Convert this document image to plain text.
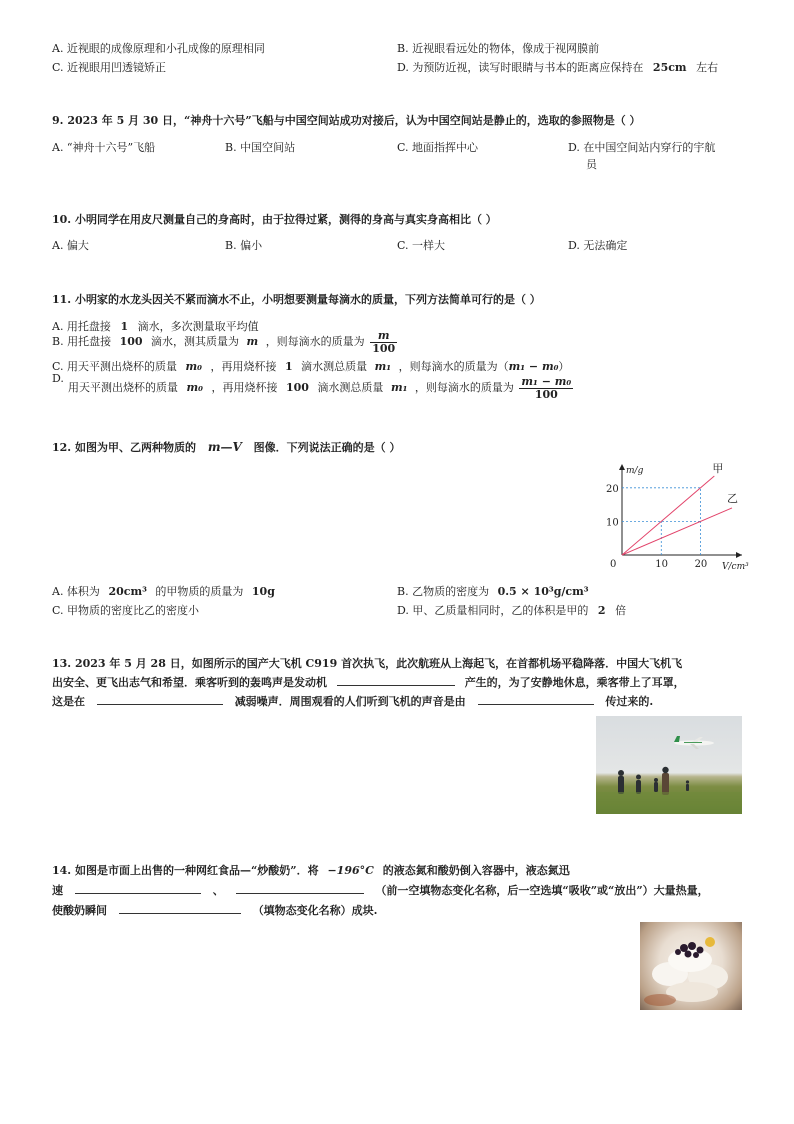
A. 近视眼的成像原理和小孔成像的原理相同	B. 近视眼看远处的物体，像成于视网膜前
C. 近视眼用凹透镜矫正	D. 为预防近视，读写时眼睛与书本的距离应保持在 25cm 左右
9. 2023 年 5 月 30 日，“神舟十六号”飞船与中国空间站成功对接后，认为中国空间站是静止的，选取的参照物是（ ）
A. “神舟十六号”飞船	B. 中国空间站	C. 地面指挥中心	D. 在中国空间站内穿行的宇航
员
10. 小明同学在用皮尺测量自己的身高时，由于拉得过紧，测得的身高与真实身高相比（ ）
A. 偏大	B. 偏小	C. 一样大	D. 无法确定
11. 小明家的水龙头因关不紧而滴水不止，小明想要测量每滴水的质量，下列方法简单可行的是（ ）
A. 用托盘接 1 滴水，多次测量取平均值
B. 用托盘接 100 滴水，测其质量为 m ，则每滴水的质量为 $\frac{m}{100}$
C. 用天平测出烧杯的质量 m₀ ，再用烧杯接 1 滴水测总质量 m₁ ，则每滴水的质量为（m₁ − m₀）
D.
用天平测出烧杯的质量 m₀ ，再用烧杯接 100 滴水测总质量 m₁ ，则每滴水的质量为 $\frac{\text{m₁ − m₀}}{100}$
12. 如图为甲、乙两种物质的 m—V 图像．下列说法正确的是（ ）
甲
乙
10	20
10
20
0	V/cm³
m/g
A. 体积为 20cm³ 的甲物质的质量为 10g	B. 乙物质的密度为 0.5 × 10³g/cm³
C. 甲物质的密度比乙的密度小	D. 甲、乙质量相同时，乙的体积是甲的 2 倍
13. 2023 年 5 月 28 日，如图所示的国产大飞机 C919 首次执飞，此次航班从上海起飞，在首都机场平稳降落．中国大飞机飞
出安全、更飞出志气和希望．乘客听到的轰鸣声是发动机	产生的，为了安静地休息，乘客带上了耳罩，
这是在	减弱噪声．周围观看的人们听到飞机的声音是由	传过来的.
14. 如图是市面上出售的一种网红食品—“炒酸奶”．将 −196°C 的液态氮和酸奶倒入容器中，液态氮迅
速	、	（前一空填物态变化名称，后一空选填“吸收”或“放出”）大量热量，
使酸奶瞬间	（填物态变化名称）成块.
